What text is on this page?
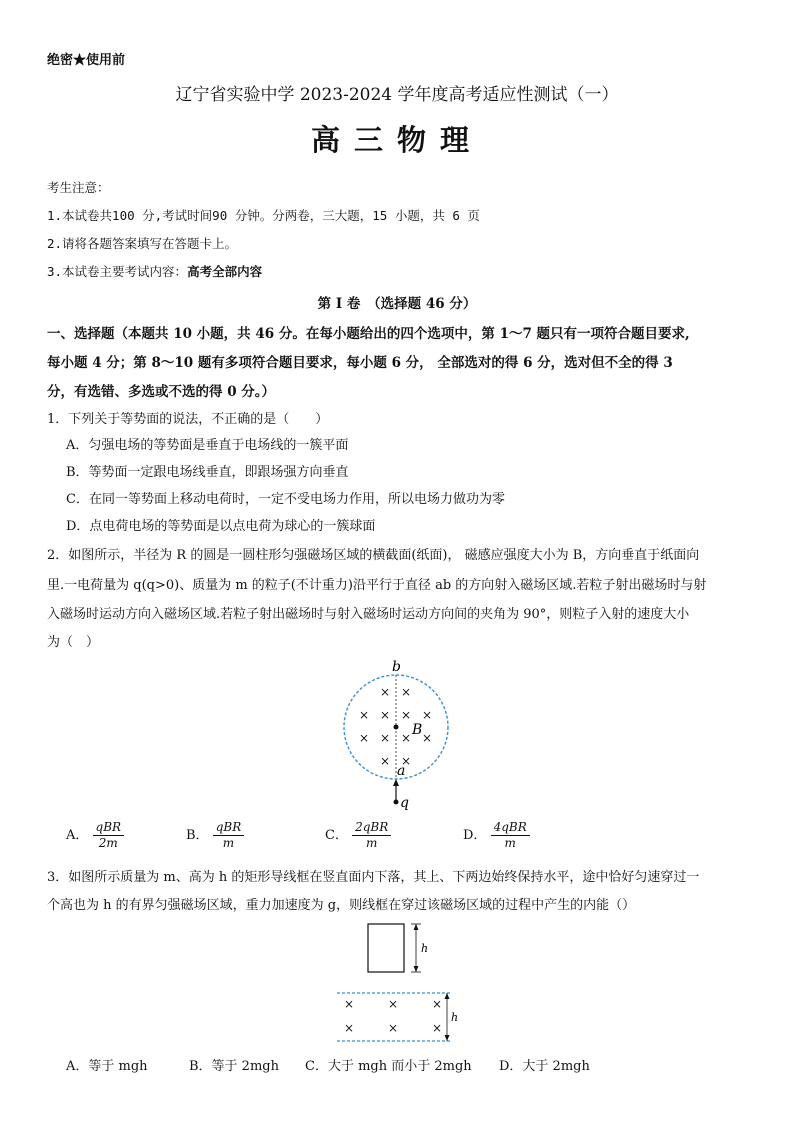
绝密★使用前
辽宁省实验中学 2023-2024 学年度高考适应性测试（一）
高三物理
考生注意：
1.本试卷共100 分,考试时间90 分钟。分两卷，三大题，15 小题，共 6 页
2.请将各题答案填写在答题卡上。
3.本试卷主要考试内容：高考全部内容
第 I 卷　（选择题 46 分）
一、选择题（本题共 10 小题，共 46 分。在每小题给出的四个选项中，第 1～7 题只有一项符合题目要求,
每小题 4 分；第 8～10 题有多项符合题目要求，每小题 6 分， 全部选对的得 6 分，选对但不全的得 3
分，有选错、多选或不选的得 0 分。）
1．下列关于等势面的说法，不正确的是（　　）
A．匀强电场的等势面是垂直于电场线的一簇平面
B．等势面一定跟电场线垂直，即跟场强方向垂直
C．在同一等势面上移动电荷时，一定不受电场力作用，所以电场力做功为零
D．点电荷电场的等势面是以点电荷为球心的一簇球面
2．如图所示，半径为 R 的圆是一圆柱形匀强磁场区域的横截面(纸面)， 磁感应强度大小为 B，方向垂直于纸面向
里.一电荷量为 q(q>0)、质量为 m 的粒子(不计重力)沿平行于直径 ab 的方向射入磁场区域.若粒子射出磁场时与射
入磁场时运动方向入磁场区域.若粒子射出磁场时与射入磁场时运动方向间的夹角为 90°，则粒子入射的速度大小
为（　）
b
× ×
× × × ×
× × × ×
× ×
B
a
q
A． $\frac{\text{qBR}}{2m}$	B． $\frac{\text{qBR}}{m}$	C． $\frac{\text{2qBR}}{m}$	D． $\frac{\text{4qBR}}{m}$
3．如图所示质量为 m、高为 h 的矩形导线框在竖直面内下落，其上、下两边始终保持水平，途中恰好匀速穿过一
个高也为 h 的有界匀强磁场区域，重力加速度为 g，则线框在穿过该磁场区域的过程中产生的内能（）
h
×	×	×
×	×	×
h
A．等于 mgh	B．等于 2mgh C．大于 mgh 而小于 2mgh D．大于 2mgh
